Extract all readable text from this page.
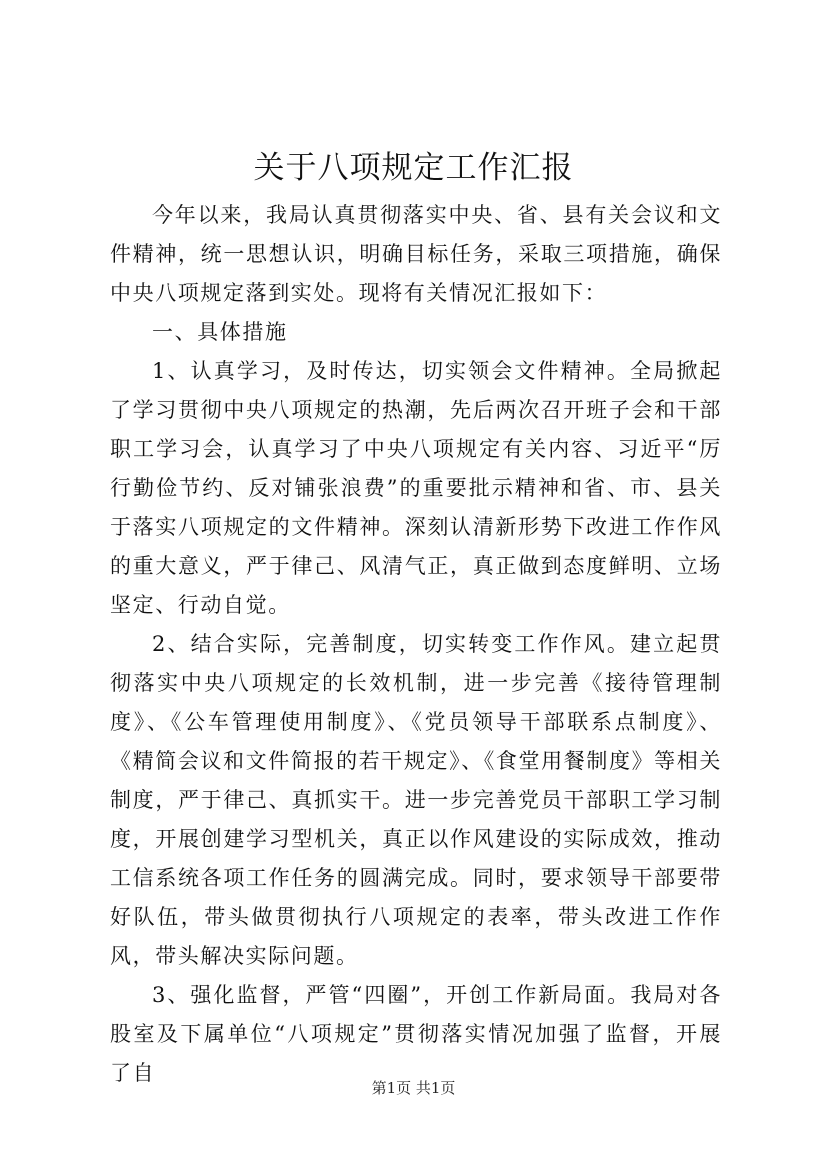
关于八项规定工作汇报

今年以来，我局认真贯彻落实中央、省、县有关会议和文件精神，统一思想认识，明确目标任务，采取三项措施，确保中央八项规定落到实处。现将有关情况汇报如下：

一、具体措施

1、认真学习，及时传达，切实领会文件精神。全局掀起了学习贯彻中央八项规定的热潮，先后两次召开班子会和干部职工学习会，认真学习了中央八项规定有关内容、习近平“厉行勤俭节约、反对铺张浪费”的重要批示精神和省、市、县关于落实八项规定的文件精神。深刻认清新形势下改进工作作风的重大意义，严于律己、风清气正，真正做到态度鲜明、立场坚定、行动自觉。

2、结合实际，完善制度，切实转变工作作风。建立起贯彻落实中央八项规定的长效机制，进一步完善《接待管理制度》、《公车管理使用制度》、《党员领导干部联系点制度》、《精简会议和文件简报的若干规定》、《食堂用餐制度》等相关制度，严于律己、真抓实干。进一步完善党员干部职工学习制度，开展创建学习型机关，真正以作风建设的实际成效，推动工信系统各项工作任务的圆满完成。同时，要求领导干部要带好队伍，带头做贯彻执行八项规定的表率，带头改进工作作风，带头解决实际问题。

3、强化监督，严管“四圈”，开创工作新局面。我局对各股室及下属单位“八项规定”贯彻落实情况加强了监督，开展了自

第1页 共1页
